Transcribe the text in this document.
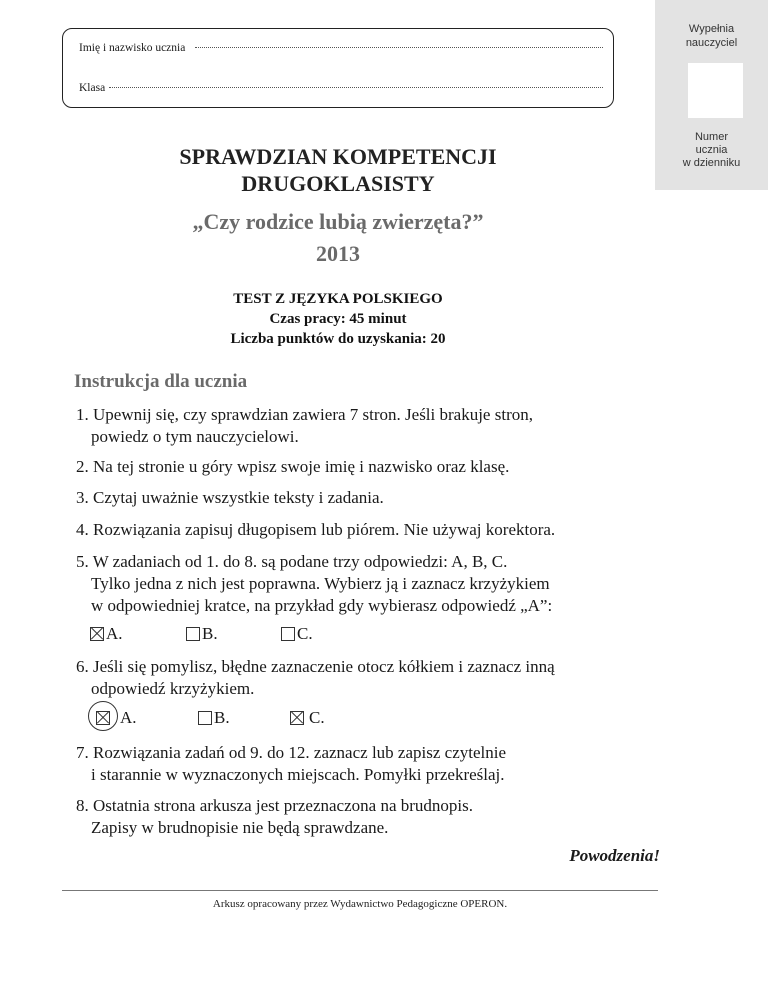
Imię i nazwisko ucznia
Klasa
Wypełnia
nauczyciel
Numer
ucznia
w dzienniku
SPRAWDZIAN KOMPETENCJI
DRUGOKLASISTY
„Czy rodzice lubią zwierzęta?”
2013
TEST Z JĘZYKA POLSKIEGO
Czas pracy: 45 minut
Liczba punktów do uzyskania: 20
Instrukcja dla ucznia
1. Upewnij się, czy sprawdzian zawiera 7 stron. Jeśli brakuje stron,
powiedz o tym nauczycielowi.
2. Na tej stronie u góry wpisz swoje imię i nazwisko oraz klasę.
3. Czytaj uważnie wszystkie teksty i zadania.
4. Rozwiązania zapisuj długopisem lub piórem. Nie używaj korektora.
5. W zadaniach od 1. do 8. są podane trzy odpowiedzi: A, B, C.
Tylko jedna z nich jest poprawna. Wybierz ją i zaznacz krzyżykiem
w odpowiedniej kratce, na przykład gdy wybierasz odpowiedź „A”:
6. Jeśli się pomylisz, błędne zaznaczenie otocz kółkiem i zaznacz inną
odpowiedź krzyżykiem.
7. Rozwiązania zadań od 9. do 12. zaznacz lub zapisz czytelnie
i starannie w wyznaczonych miejscach. Pomyłki przekreślaj.
8. Ostatnia strona arkusza jest przeznaczona na brudnopis.
Zapisy w brudnopisie nie będą sprawdzane.
A.	B.	C.
A.	B.	C.
Powodzenia!
Arkusz opracowany przez Wydawnictwo Pedagogiczne OPERON.
